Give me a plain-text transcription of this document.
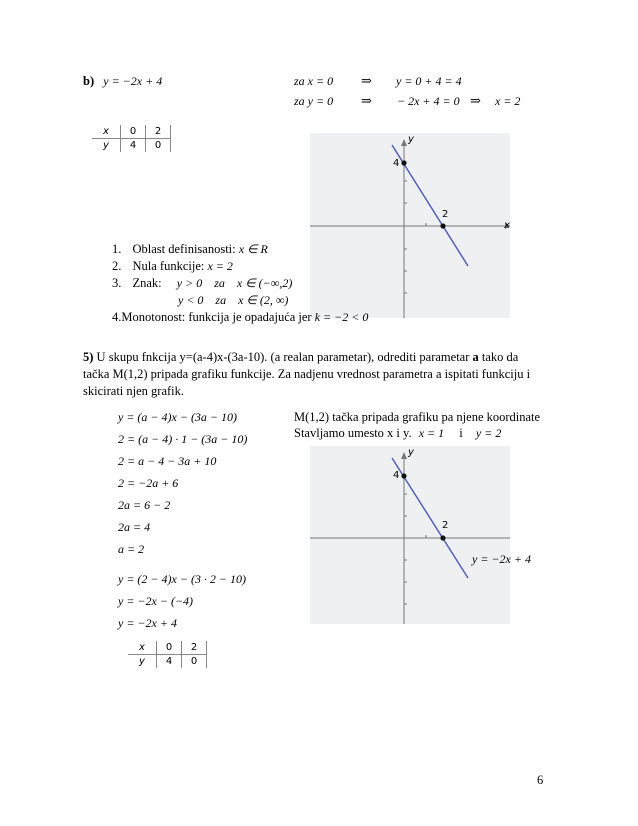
b) y = −2x + 4	za x = 0 ⇒ y = 0 + 4 = 4
za y = 0 ⇒ − 2x + 4 = 0 ⇒ x = 2
x	0	2
y	4	0
y
x
4
2
1. Oblast definisanosti: x ∈ R
2. Nula funkcije: x = 2
3. Znak: y > 0    za    x ∈ (−∞,2)
y < 0    za    x ∈ (2, ∞)
4.Monotonost: funkcija je opadajuća jer k = −2 < 0
5) U skupu fnkcija y=(a-4)x-(3a-10). (a realan parametar), odrediti parametar a tako da
tačka M(1,2) pripada grafiku funkcije. Za nadjenu vrednost parametra a ispitati funkciju i
skicirati njen grafik.
y = (a − 4)x − (3a − 10)
2 = (a − 4) · 1 − (3a − 10)
2 = a − 4 − 3a + 10
2 = −2a + 6
2a = 6 − 2
2a = 4
a = 2
y = (2 − 4)x − (3 · 2 − 10)
y = −2x − (−4)
y = −2x + 4
M(1,2) tačka pripada grafiku pa njene koordinate
Stavljamo umesto x i y. x = 1 i y = 2
y
4
2
y = −2x + 4
x	0	2
y	4	0
6
